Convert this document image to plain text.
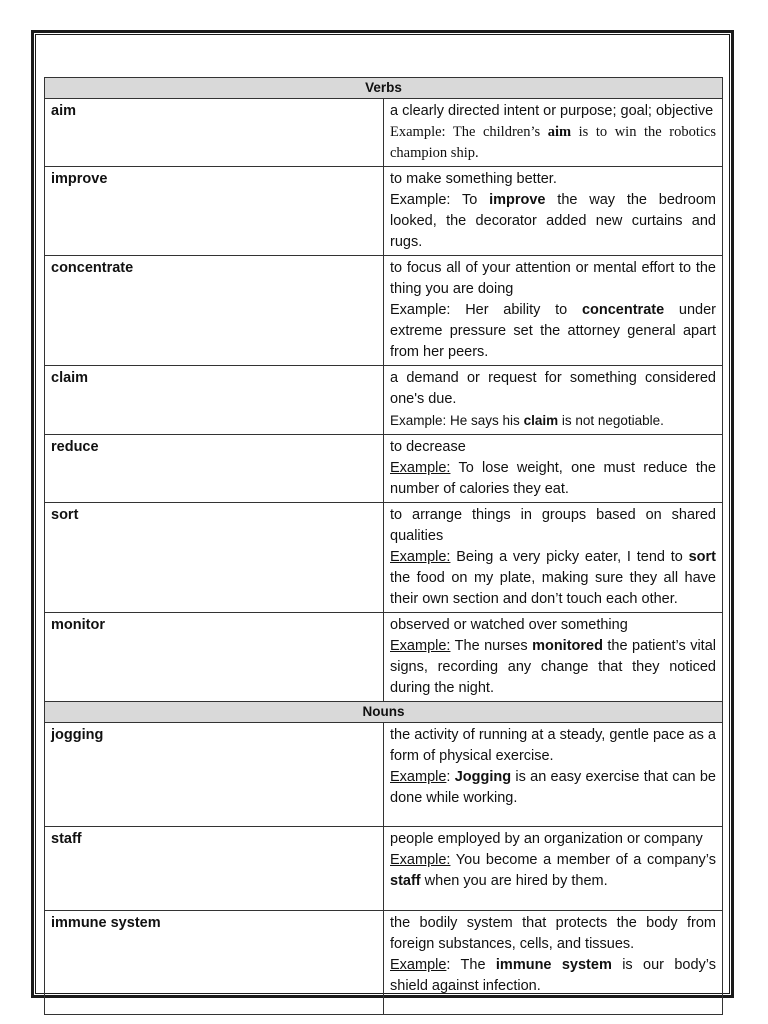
Verbs	
aim	a clearly directed intent or purpose; goal; objective
Example: The children’s aim is to win the robotics champion ship.
improve	to make something better.
Example: To improve the way the bedroom looked, the decorator added new curtains and rugs.
concentrate	to focus all of your attention or mental effort to the thing you are doing
Example: Her ability to concentrate under extreme pressure set the attorney general apart from her peers.
claim	a demand or request for something considered one's due.
Example: He says his claim is not negotiable.
reduce	to decrease
Example: To lose weight, one must reduce the number of calories they eat.
sort	to arrange things in groups based on shared qualities
Example: Being a very picky eater, I tend to sort the food on my plate, making sure they all have their own section and don’t touch each other.
monitor	observed or watched over something
Example: The nurses monitored the patient’s vital signs, recording any change that they noticed during the night.
Nouns	
jogging	the activity of running at a steady, gentle pace as a form of physical exercise.
Example: Jogging is an easy exercise that can be done while working.
staff	people employed by an organization or company
Example: You become a member of a company’s staff when you are hired by them.
immune system	the bodily system that protects the body from foreign substances, cells, and tissues.
Example: The immune system is our body’s shield against infection.
